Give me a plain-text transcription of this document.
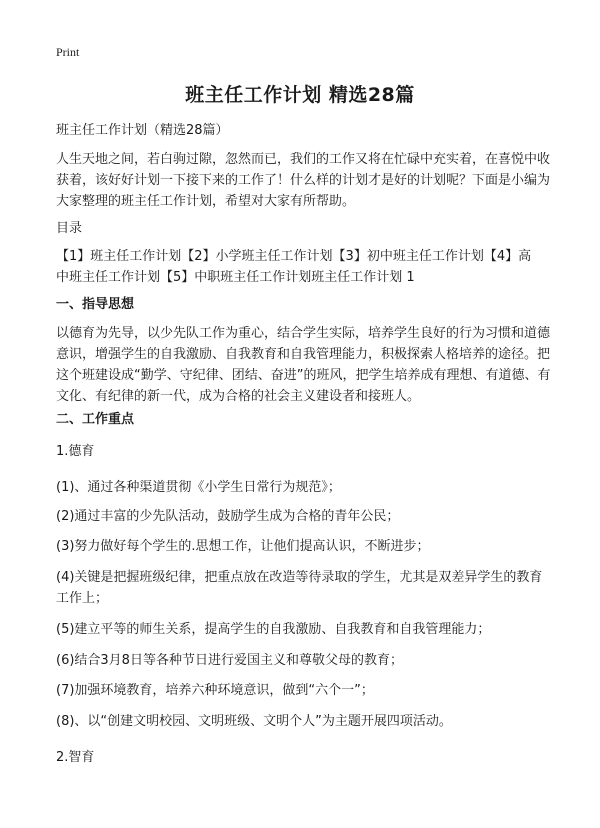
Print
班主任工作计划 精选28篇
班主任工作计划（精选28篇）
人生天地之间，若白驹过隙，忽然而已，我们的工作又将在忙碌中充实着，在喜悦中收获着，该好好计划一下接下来的工作了！什么样的计划才是好的计划呢？下面是小编为大家整理的班主任工作计划，希望对大家有所帮助。
目录
【1】班主任工作计划【2】小学班主任工作计划【3】初中班主任工作计划【4】高
中班主任工作计划【5】中职班主任工作计划班主任工作计划 1
一、指导思想
以德育为先导，以少先队工作为重心，结合学生实际，培养学生良好的行为习惯和道德意识，增强学生的自我激励、自我教育和自我管理能力，积极探索人格培养的途径。把这个班建设成“勤学、守纪律、团结、奋进”的班风，把学生培养成有理想、有道德、有文化、有纪律的新一代，成为合格的社会主义建设者和接班人。
二、工作重点
1.德育
(1)、通过各种渠道贯彻《小学生日常行为规范》；
(2)通过丰富的少先队活动，鼓励学生成为合格的青年公民；
(3)努力做好每个学生的.思想工作，让他们提高认识，不断进步；
(4)关键是把握班级纪律，把重点放在改造等待录取的学生，尤其是双差异学生的教育工作上；
(5)建立平等的师生关系，提高学生的自我激励、自我教育和自我管理能力；
(6)结合3月8日等各种节日进行爱国主义和尊敬父母的教育；
(7)加强环境教育，培养六种环境意识，做到“六个一”；
(8)、以“创建文明校园、文明班级、文明个人”为主题开展四项活动。
2.智育
